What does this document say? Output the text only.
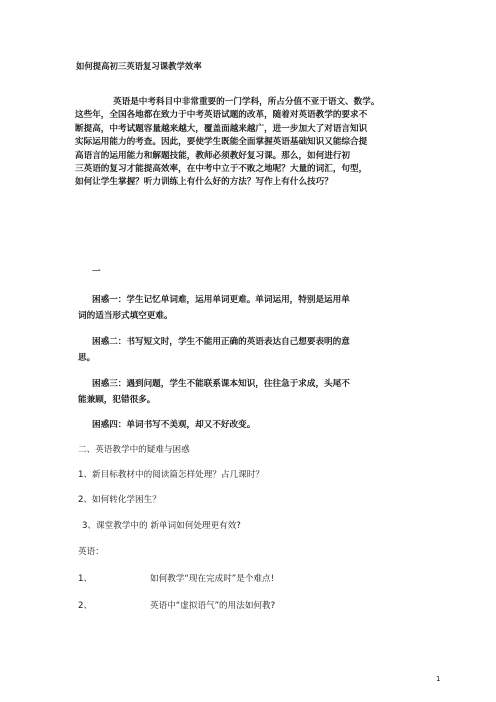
如何提高初三英语复习课教学效率
英语是中考科目中非常重要的一门学科，所占分值不亚于语文、数学。
这些年，全国各地都在致力于中考英语试题的改革，随着对英语教学的要求不
断提高，中考试题容量越来越大，覆盖面越来越广，进一步加大了对语言知识
实际运用能力的考查。因此，要使学生既能全面掌握英语基础知识又能综合提
高语言的运用能力和解题技能，教师必须教好复习课。那么，如何进行初
三英语的复习才能提高效率，在中考中立于不败之地呢？大量的词汇，句型，
如何让学生掌握？听力训练上有什么好的方法？写作上有什么技巧？
一
困惑一：学生记忆单词难，运用单词更难。单词运用，特别是运用单
词的适当形式填空更难。
困惑二：书写短文时，学生不能用正确的英语表达自己想要表明的意
思。
困惑三：遇到问题，学生不能联系课本知识，往往急于求成，头尾不
能兼顾，犯错很多。
困惑四：单词书写不美观，却又不好改变。
二、英语教学中的疑难与困惑
1、新目标教材中的阅读篇怎样处理？占几课时？
2、如何转化学困生？
3、课堂教学中的 新单词如何处理更有效?
英语：
1、	如何教学“现在完成时”是个难点!
2、	英语中“虚拟语气”的用法如何教?
1
